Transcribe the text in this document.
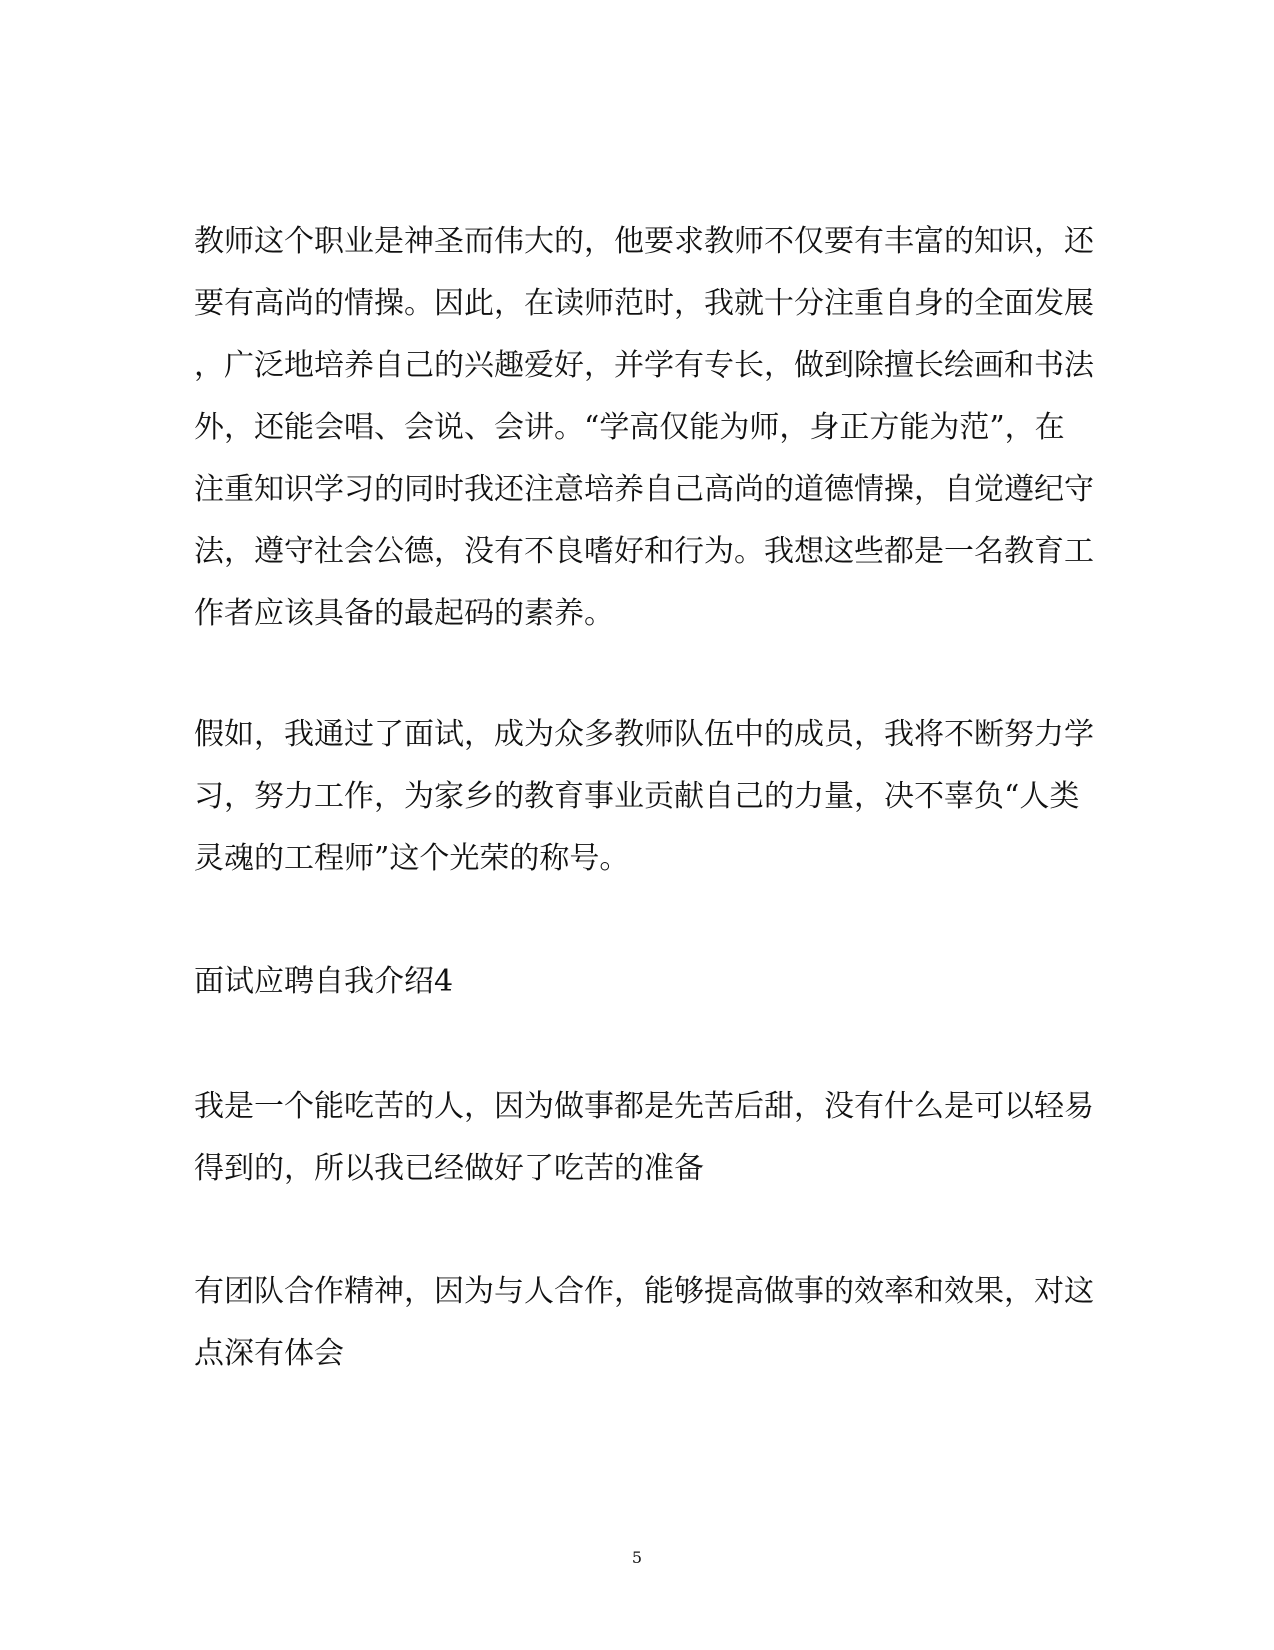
教师这个职业是神圣而伟大的，他要求教师不仅要有丰富的知识，还
要有高尚的情操。因此，在读师范时，我就十分注重自身的全面发展
，广泛地培养自己的兴趣爱好，并学有专长，做到除擅长绘画和书法
外，还能会唱、会说、会讲。“学高仅能为师，身正方能为范”，在
注重知识学习的同时我还注意培养自己高尚的道德情操，自觉遵纪守
法，遵守社会公德，没有不良嗜好和行为。我想这些都是一名教育工
作者应该具备的最起码的素养。
假如，我通过了面试，成为众多教师队伍中的成员，我将不断努力学
习，努力工作，为家乡的教育事业贡献自己的力量，决不辜负“人类
灵魂的工程师”这个光荣的称号。
面试应聘自我介绍4
我是一个能吃苦的人，因为做事都是先苦后甜，没有什么是可以轻易
得到的，所以我已经做好了吃苦的准备
有团队合作精神，因为与人合作，能够提高做事的效率和效果，对这
点深有体会
5
